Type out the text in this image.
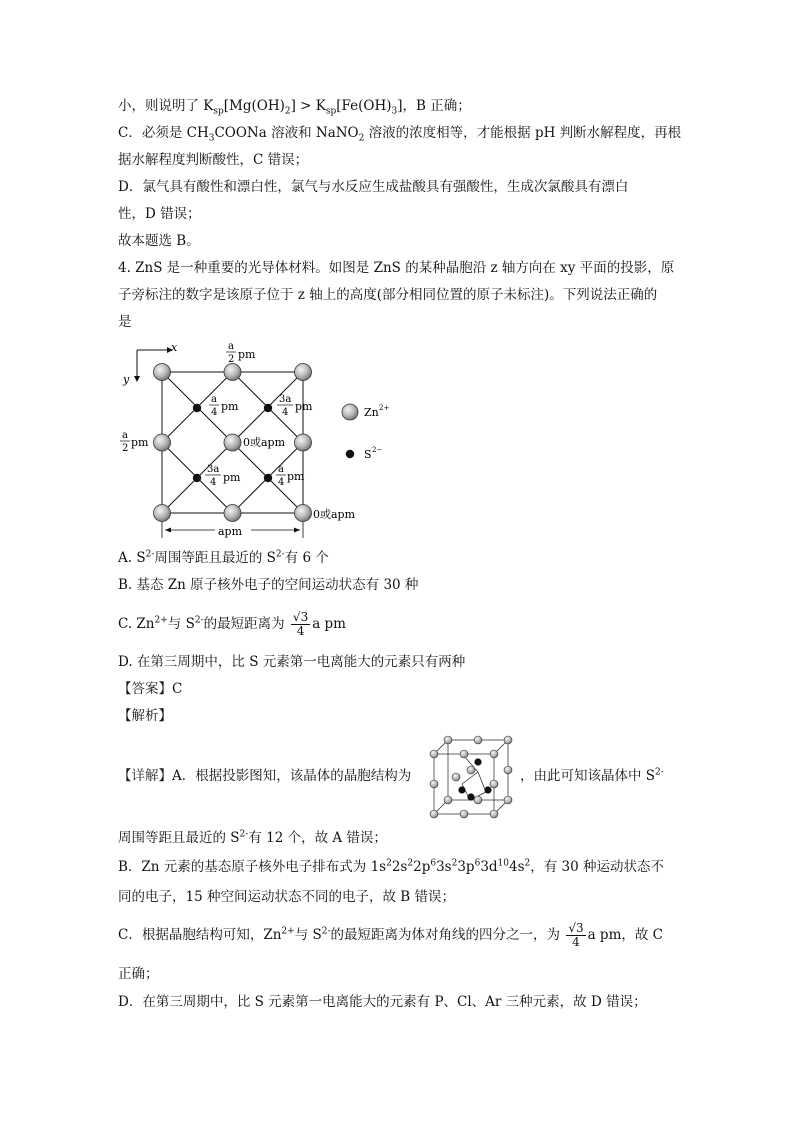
小，则说明了 $K_{sp}[Mg(OH)_2] > K_{sp}[Fe(OH)_3]$，B 正确；
C．必须是 $CH_3COONa$ 溶液和 NaNO$_2$ 溶液的浓度相等，才能根据 pH 判断水解程度，再根
据水解程度判断酸性，C 错误；
D．氯气具有酸性和漂白性，氯气与水反应生成盐酸具有强酸性，生成次氯酸具有漂白
性，D 错误；
故本题选 B。
4. ZnS 是一种重要的光导体材料。如图是 ZnS 的某种晶胞沿 z 轴方向在 xy 平面的投影，原
子旁标注的数字是该原子位于 z 轴上的高度(部分相同位置的原子未标注)。下列说法正确的
是
x
y
apm
a
2 pm
a
2 pm
a
4 pm
3a
4 pm
0或apm
3a
4 pm
a
4 pm
0或apm
Zn 2+
S 2−
A. $S^{2-}$周围等距且最近的 $S^{2-}$有 6 个
B. 基态 Zn 原子核外电子的空间运动状态有 30 种
C. $Zn^{2+}$与 $S^{2-}$的最短距离为 $\frac{√3}{4}$ a pm
D. 在第三周期中，比 S 元素第一电离能大的元素只有两种
【答案】C
【解析】
【详解】A．根据投影图知，该晶体的晶胞结构为	，由此可知该晶体中 $S^{2-}$
周围等距且最近的 $S^{2-}$有 12 个，故 A 错误；
B．Zn 元素的基态原子核外电子排布式为 $1s^22s^22p^63s^23p^63d^{10}4s^2$，有 30 种运动状态不
同的电子，15 种空间运动状态不同的电子，故 B 错误；
C．根据晶胞结构可知，$Zn^{2+}$与 $S^{2-}$的最短距离为体对角线的四分之一，为 $\frac{√3}{4}$ a pm，故 C
正确；
D．在第三周期中，比 S 元素第一电离能大的元素有 P、Cl、Ar 三种元素，故 D 错误；
